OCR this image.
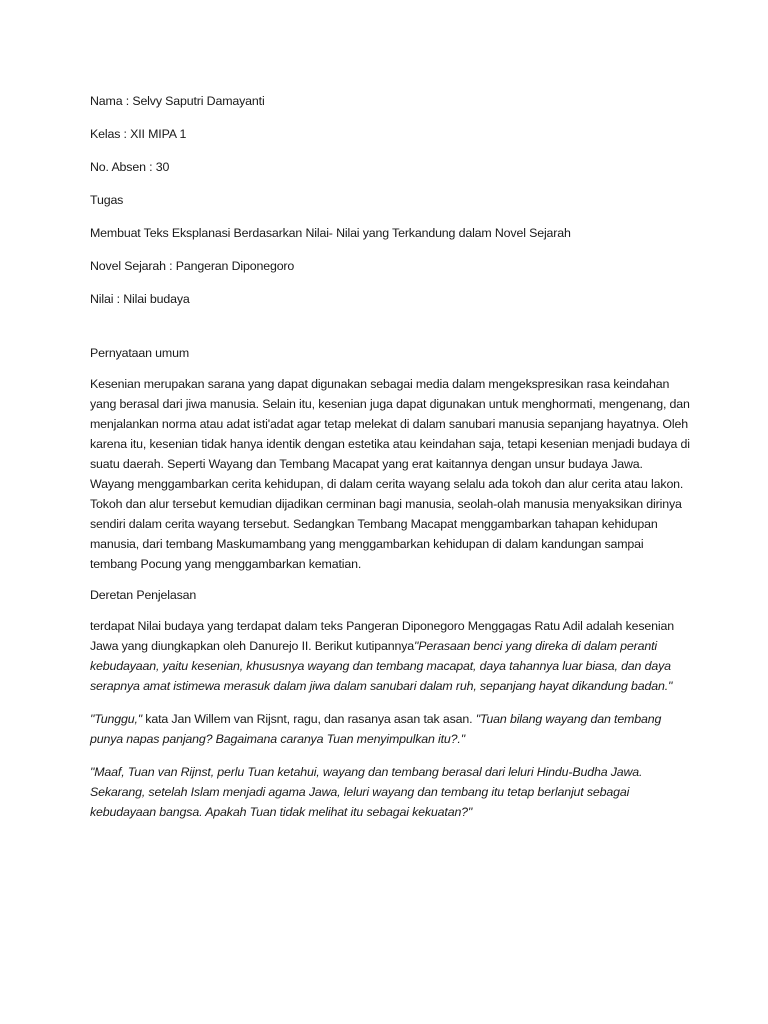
Nama : Selvy Saputri Damayanti
Kelas : XII MIPA 1
No. Absen : 30
Tugas
Membuat Teks Eksplanasi Berdasarkan Nilai- Nilai yang Terkandung dalam Novel Sejarah
Novel Sejarah : Pangeran Diponegoro
Nilai : Nilai budaya
Pernyataan umum

Kesenian merupakan sarana yang dapat digunakan sebagai media dalam mengekspresikan rasa keindahan yang berasal dari jiwa manusia. Selain itu, kesenian juga dapat digunakan untuk menghormati, mengenang, dan menjalankan norma atau adat isti'adat agar tetap melekat di dalam sanubari manusia sepanjang hayatnya. Oleh karena itu, kesenian tidak hanya identik dengan estetika atau keindahan saja, tetapi kesenian menjadi budaya di suatu daerah. Seperti Wayang dan Tembang Macapat yang erat kaitannya dengan unsur budaya Jawa. Wayang menggambarkan cerita kehidupan, di dalam cerita wayang selalu ada tokoh dan alur cerita atau lakon. Tokoh dan alur tersebut kemudian dijadikan cerminan bagi manusia, seolah-olah manusia menyaksikan dirinya sendiri dalam cerita wayang tersebut. Sedangkan Tembang Macapat menggambarkan tahapan kehidupan manusia, dari tembang Maskumambang yang menggambarkan kehidupan di dalam kandungan sampai tembang Pocung yang menggambarkan kematian.

Deretan Penjelasan

terdapat Nilai budaya yang terdapat dalam teks Pangeran Diponegoro Menggagas Ratu Adil adalah kesenian Jawa yang diungkapkan oleh Danurejo II. Berikut kutipannya"Perasaan benci yang direka di dalam peranti kebudayaan, yaitu kesenian, khususnya wayang dan tembang macapat, daya tahannya luar biasa, dan daya serapnya amat istimewa merasuk dalam jiwa dalam sanubari dalam ruh, sepanjang hayat dikandung badan."

"Tunggu," kata Jan Willem van Rijsnt, ragu, dan rasanya asan tak asan. "Tuan bilang wayang dan tembang punya napas panjang? Bagaimana caranya Tuan menyimpulkan itu?."

"Maaf, Tuan van Rijnst, perlu Tuan ketahui, wayang dan tembang berasal dari leluri Hindu-Budha Jawa. Sekarang, setelah Islam menjadi agama Jawa, leluri wayang dan tembang itu tetap berlanjut sebagai kebudayaan bangsa. Apakah Tuan tidak melihat itu sebagai kekuatan?"
